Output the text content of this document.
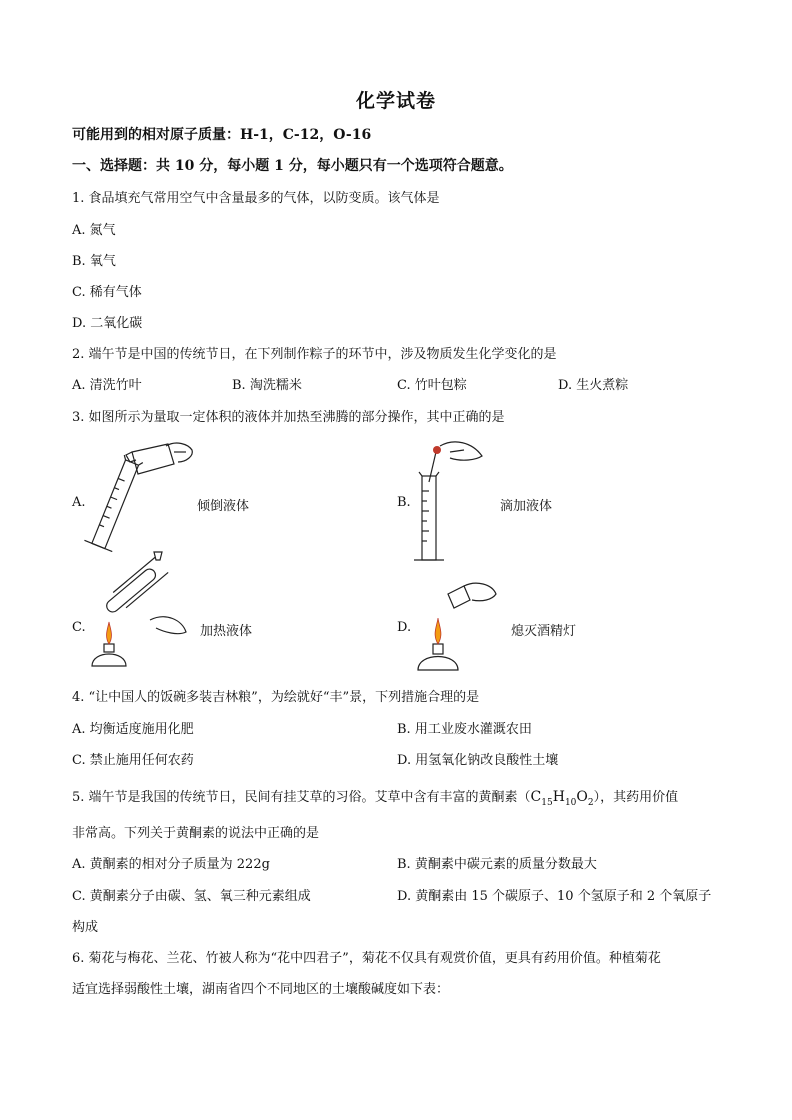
化学试卷
可能用到的相对原子质量：H-1，C-12，O-16
一、选择题：共 10 分，每小题 1 分，每小题只有一个选项符合题意。
1. 食品填充气常用空气中含量最多的气体，以防变质。该气体是
A. 氮气
B. 氧气
C. 稀有气体
D. 二氧化碳
2. 端午节是中国的传统节日，在下列制作粽子的环节中，涉及物质发生化学变化的是
A. 清洗竹叶	B. 淘洗糯米	C. 竹叶包粽	D. 生火煮粽
3. 如图所示为量取一定体积的液体并加热至沸腾的部分操作，其中正确的是
A.	倾倒液体	B.	滴加液体
C.	加热液体	D.	熄灭酒精灯
4. “让中国人的饭碗多装吉林粮”，为绘就好“丰”景，下列措施合理的是
A. 均衡适度施用化肥	B. 用工业废水灌溉农田
C. 禁止施用任何农药	D. 用氢氧化钠改良酸性土壤
5. 端午节是我国的传统节日，民间有挂艾草的习俗。艾草中含有丰富的黄酮素$(C_{15}H_{10}O_2)$，其药用价值
非常高。下列关于黄酮素的说法中正确的是
A. 黄酮素的相对分子质量为 222g	B. 黄酮素中碳元素的质量分数最大
C. 黄酮素分子由碳、氢、氧三种元素组成	D. 黄酮素由 15 个碳原子、10 个氢原子和 2 个氧原子
构成
6. 菊花与梅花、兰花、竹被人称为“花中四君子”，菊花不仅具有观赏价值，更具有药用价值。种植菊花
适宜选择弱酸性土壤，湖南省四个不同地区的土壤酸碱度如下表：
